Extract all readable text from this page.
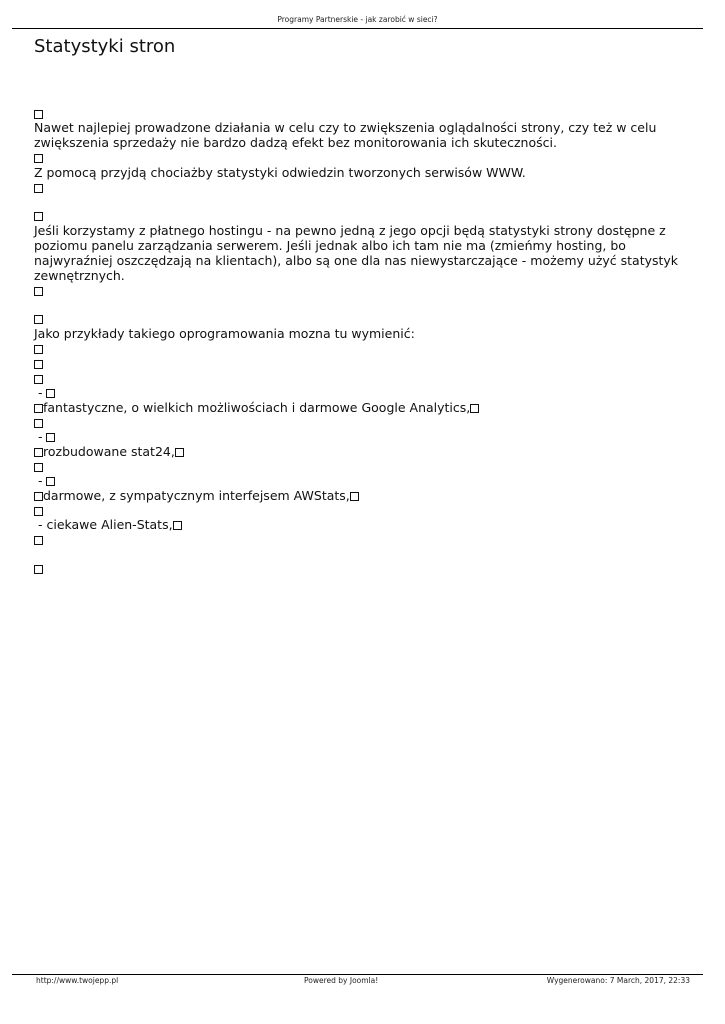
Programy Partnerskie - jak zarobić w sieci?
Statystyki stron
Nawet najlepiej prowadzone działania w celu czy to zwiększenia oglądalności strony, czy też w celu
zwiększenia sprzedaży nie bardzo dadzą efekt bez monitorowania ich skuteczności.
Z pomocą przyjdą chociażby statystyki odwiedzin tworzonych serwisów WWW.
Jeśli korzystamy z płatnego hostingu - na pewno jedną z jego opcji będą statystyki strony dostępne z
poziomu panelu zarządzania serwerem. Jeśli jednak albo ich tam nie ma (zmieńmy hosting, bo
najwyraźniej oszczędzają na klientach), albo są one dla nas niewystarczające - możemy użyć statystyk
zewnętrznych.
Jako przykłady takiego oprogramowania mozna tu wymienić:
-
fantastyczne, o wielkich możliwościach i darmowe Google Analytics,
-
rozbudowane stat24,
-
darmowe, z sympatycznym interfejsem AWStats,
- ciekawe Alien-Stats,
http://www.twojepp.pl	Powered by Joomla!	Wygenerowano: 7 March, 2017, 22:33
